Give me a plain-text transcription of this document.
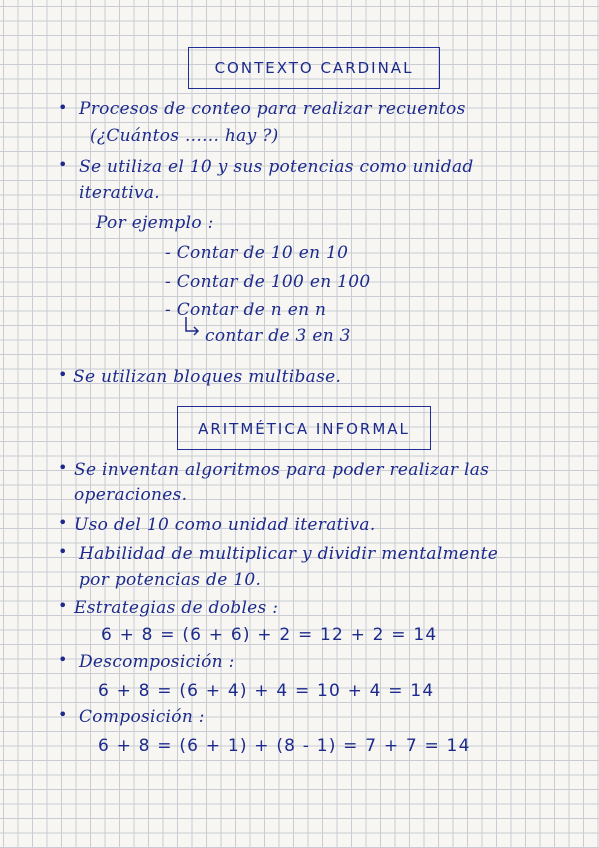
CONTEXTO CARDINAL
• Procesos de conteo para realizar recuentos
(¿Cuántos ...... hay ?)
• Se utiliza el 10 y sus potencias como unidad
iterativa.
Por ejemplo :
- Contar de 10 en 10
- Contar de 100 en 100
- Contar de n en n
contar de 3 en 3
• Se utilizan bloques multibase.
ARITMÉTICA INFORMAL
• Se inventan algoritmos para poder realizar las
operaciones.
• Uso del 10 como unidad iterativa.
• Habilidad de multiplicar y dividir mentalmente
por potencias de 10.
• Estrategias de dobles :
6 + 8 = (6 + 6) + 2 = 12 + 2 = 14
• Descomposición :
6 + 8 = (6 + 4) + 4 = 10 + 4 = 14
• Composición :
6 + 8 = (6 + 1) + (8 - 1) = 7 + 7 = 14
